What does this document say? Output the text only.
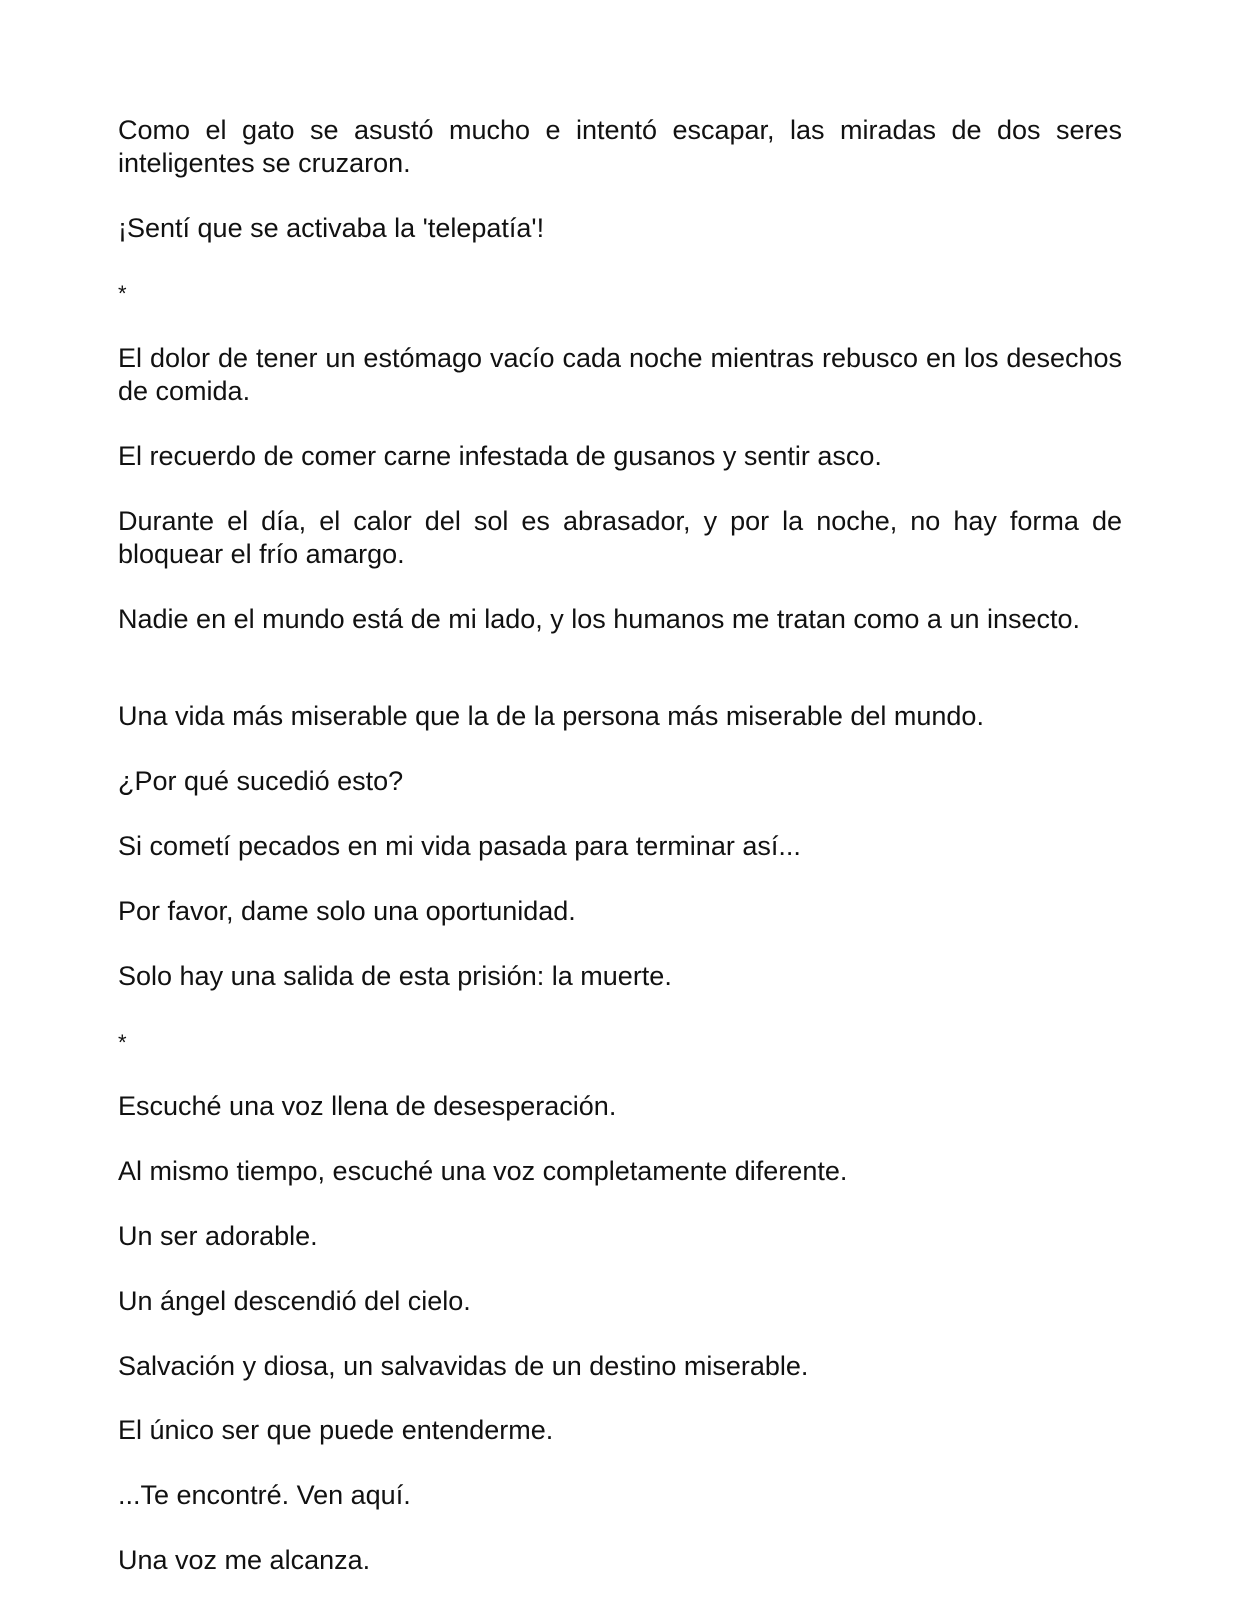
Como el gato se asustó mucho e intentó escapar, las miradas de dos seres inteligentes se cruzaron.

¡Sentí que se activaba la 'telepatía'!

*

El dolor de tener un estómago vacío cada noche mientras rebusco en los desechos de comida.

El recuerdo de comer carne infestada de gusanos y sentir asco.

Durante el día, el calor del sol es abrasador, y por la noche, no hay forma de bloquear el frío amargo.

Nadie en el mundo está de mi lado, y los humanos me tratan como a un insecto.

Una vida más miserable que la de la persona más miserable del mundo.

¿Por qué sucedió esto?

Si cometí pecados en mi vida pasada para terminar así...

Por favor, dame solo una oportunidad.

Solo hay una salida de esta prisión: la muerte.

*

Escuché una voz llena de desesperación.

Al mismo tiempo, escuché una voz completamente diferente.

Un ser adorable.

Un ángel descendió del cielo.

Salvación y diosa, un salvavidas de un destino miserable.

El único ser que puede entenderme.

...Te encontré. Ven aquí.

Una voz me alcanza.
